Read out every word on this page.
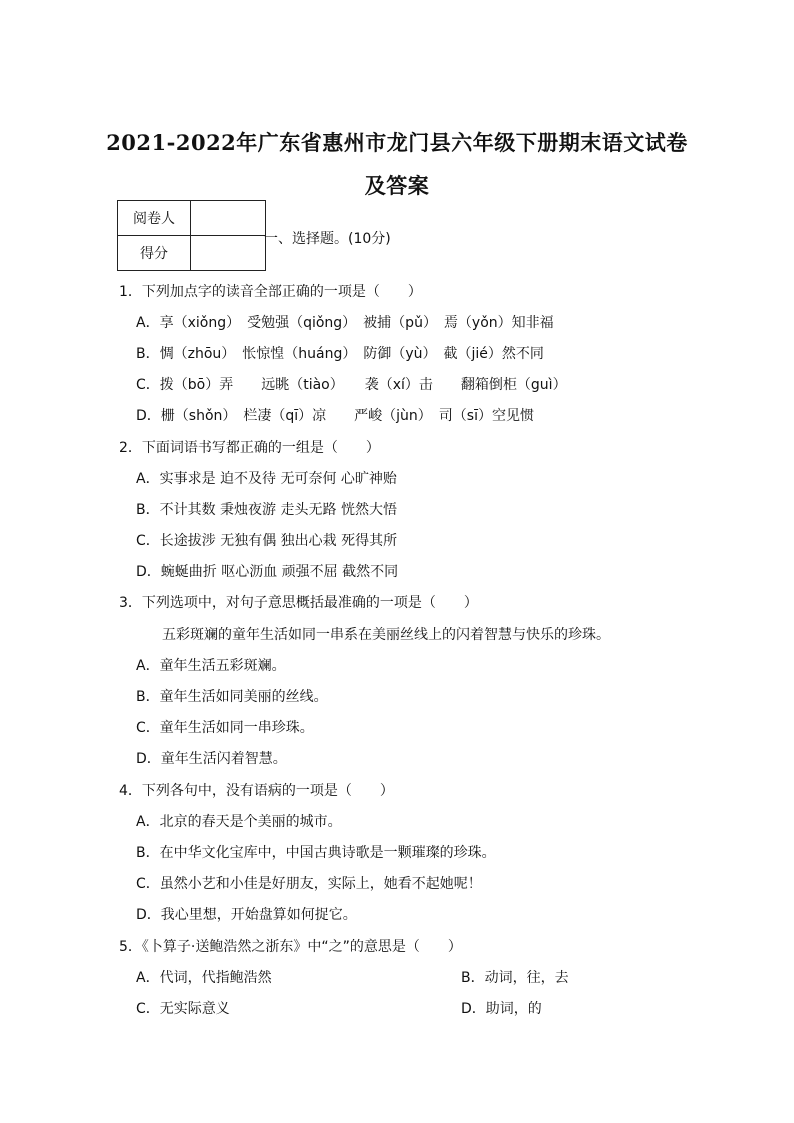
2021-2022年广东省惠州市龙门县六年级下册期末语文试卷
及答案
阅卷人	
得分	
一、选择题。(10分)
1．下列加点字的读音全部正确的一项是（　　）
A．享（xiǒng）　受勉强（qiǒng）　被捕（pǔ）　焉（yǒn）知非福
B．惆（zhōu）　怅惊惶（huáng）　防御（yù）　截（jié）然不同
C．拨（bō）弄　　远眺（tiào）　　袭（xí）击　　翻箱倒柜（guì）
D．栅（shǒn）　栏凄（qī）凉　　严峻（jùn）　司（sī）空见惯
2．下面词语书写都正确的一组是（　　）
A．实事求是 迫不及待 无可奈何 心旷神贻
B．不计其数 秉烛夜游 走头无路 恍然大悟
C．长途拔涉 无独有偶 独出心栽 死得其所
D．蜿蜒曲折 呕心沥血 顽强不屈 截然不同
3．下列选项中，对句子意思概括最准确的一项是（　　）
五彩斑斓的童年生活如同一串系在美丽丝线上的闪着智慧与快乐的珍珠。
A．童年生活五彩斑斓。
B．童年生活如同美丽的丝线。
C．童年生活如同一串珍珠。
D．童年生活闪着智慧。
4．下列各句中，没有语病的一项是（　　）
A．北京的春天是个美丽的城市。
B．在中华文化宝库中，中国古典诗歌是一颗璀璨的珍珠。
C．虽然小艺和小佳是好朋友，实际上，她看不起她呢！
D．我心里想，开始盘算如何捉它。
5．《卜算子·送鲍浩然之浙东》中“之”的意思是（　　）
A．代词，代指鲍浩然	B．动词，往，去
C．无实际意义	D．助词，的
